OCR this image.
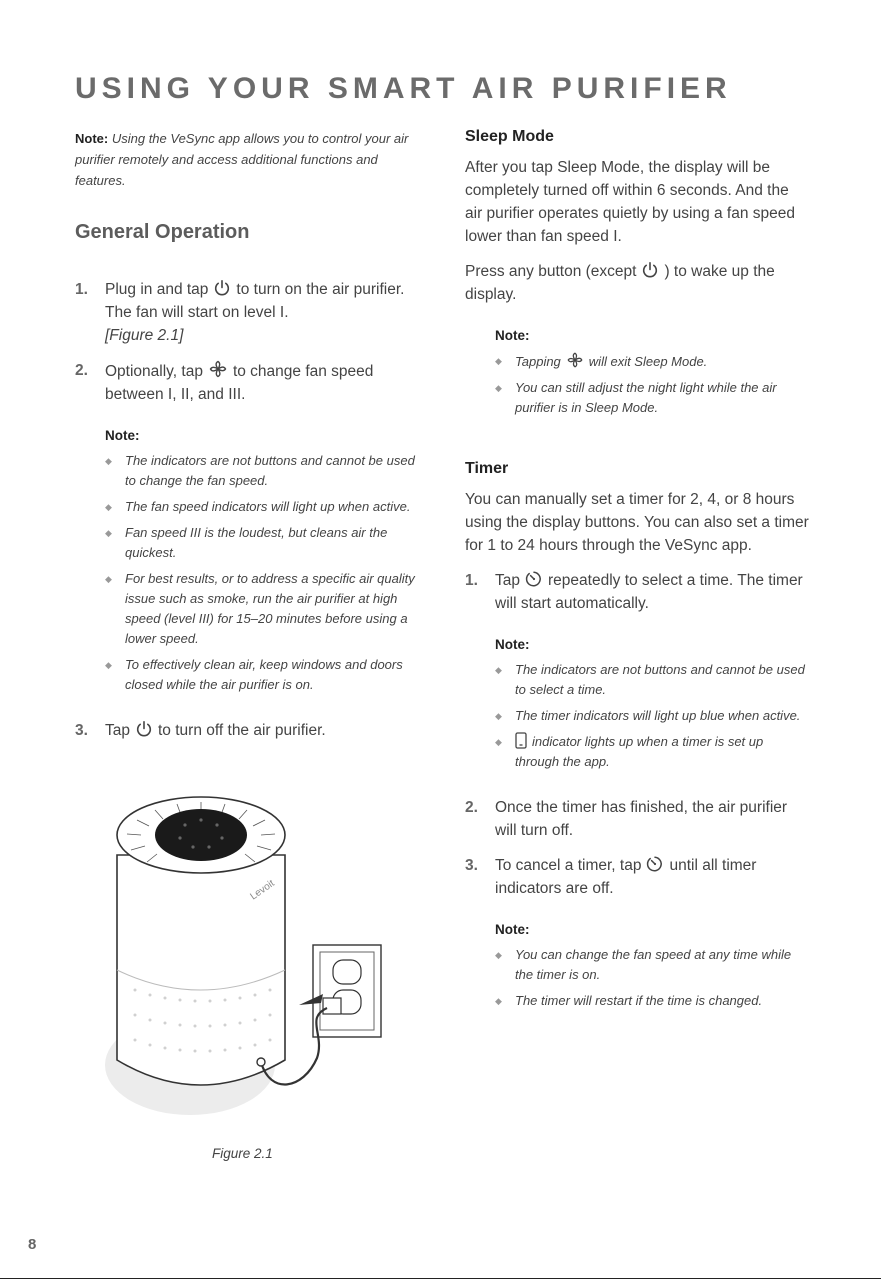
USING YOUR SMART AIR PURIFIER
Note: Using the VeSync app allows you to control your air purifier remotely and access additional functions and features.
General Operation
1.	Plug in and tap to turn on the air purifier. The fan will start on level I.
[Figure 2.1]
2.	Optionally, tap to change fan speed between I, II, and III.
Note:
◆	The indicators are not buttons and cannot be used to change the fan speed.
◆	The fan speed indicators will light up when active.
◆	Fan speed III is the loudest, but cleans air the quickest.
◆	For best results, or to address a specific air quality issue such as smoke, run the air purifier at high speed (level III) for 15–20 minutes before using a lower speed.
◆	To effectively clean air, keep windows and doors closed while the air purifier is on.
3.	Tap to turn off the air purifier.
Levoit
Figure 2.1
Sleep Mode
After you tap Sleep Mode, the display will be completely turned off within 6 seconds. And the air purifier operates quietly by using a fan speed lower than fan speed I.
Press any button (except ) to wake up the display.
Note:
◆	Tapping will exit Sleep Mode.
◆	You can still adjust the night light while the air purifier is in Sleep Mode.
Timer
You can manually set a timer for 2, 4, or 8 hours using the display buttons. You can also set a timer for 1 to 24 hours through the VeSync app.
1.	Tap repeatedly to select a time. The timer will start automatically.
Note:
◆	The indicators are not buttons and cannot be used to select a time.
◆	The timer indicators will light up blue when active.
◆	indicator lights up when a timer is set up through the app.
2.	Once the timer has finished, the air purifier will turn off.
3.	To cancel a timer, tap until all timer indicators are off.
Note:
◆	You can change the fan speed at any time while the timer is on.
◆	The timer will restart if the time is changed.
8
